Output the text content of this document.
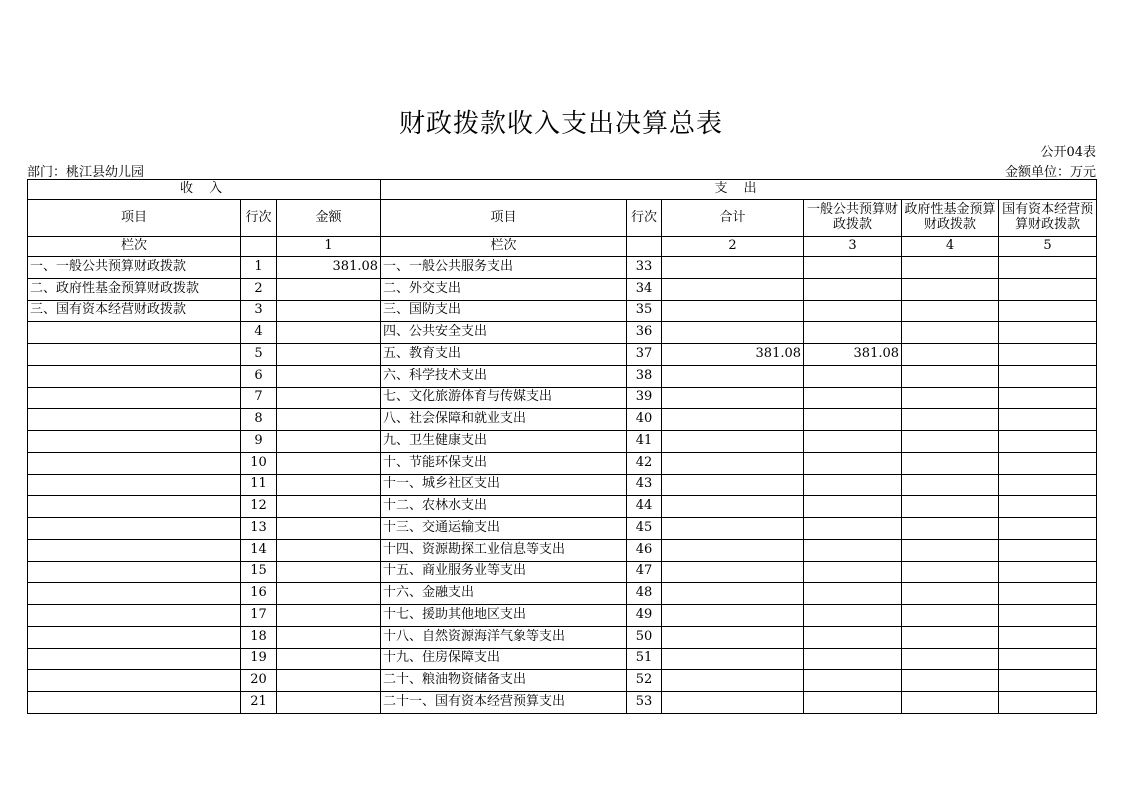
财政拨款收入支出决算总表
公开04表
部门：桃江县幼儿园	金额单位：万元
收 入			支 出					
项目	行次	金额	项目	行次	合计	一般公共预算财政拨款	政府性基金预算财政拨款	国有资本经营预算财政拨款
栏次		1	栏次		2	3	4	5
一、一般公共预算财政拨款	1	381.08	一、一般公共服务支出	33				
二、政府性基金预算财政拨款	2		二、外交支出	34				
三、国有资本经营财政拨款	3		三、国防支出	35				
	4		四、公共安全支出	36				
	5		五、教育支出	37	381.08	381.08		
	6		六、科学技术支出	38				
	7		七、文化旅游体育与传媒支出	39				
	8		八、社会保障和就业支出	40				
	9		九、卫生健康支出	41				
	10		十、节能环保支出	42				
	11		十一、城乡社区支出	43				
	12		十二、农林水支出	44				
	13		十三、交通运输支出	45				
	14		十四、资源勘探工业信息等支出	46				
	15		十五、商业服务业等支出	47				
	16		十六、金融支出	48				
	17		十七、援助其他地区支出	49				
	18		十八、自然资源海洋气象等支出	50				
	19		十九、住房保障支出	51				
	20		二十、粮油物资储备支出	52				
	21		二十一、国有资本经营预算支出	53				
